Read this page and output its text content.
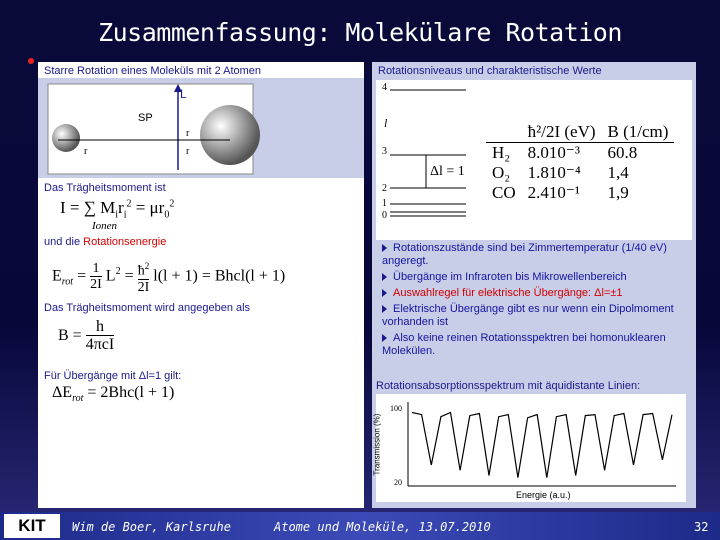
Zusammenfassung: Molekülare Rotation
Starre Rotation eines Moleküls mit 2 Atomen
L
SP
r
r	r
Das Trägheitsmoment ist
I = ∑ $M_ir_i^2 = \mu r_0^2$
Ionen
und die Rotationsenergie
$E_{rot} = 1$
2I $L^2$ = $ħ^2$
2I l(l + 1) = Bhcl(l + 1)
Das Trägheitsmoment wird angegeben als
B = h
4πcI
Für Übergänge mit Δl=1 gilt:
$\Delta E_{rot} = 2Bhc(l + 1)$
Rotationsniveaus und charakteristische Werte
4
l
3
2
1
0
Δl = 1
	ħ²/2I (eV)	B (1/cm)
H₂	8.010⁻³	60.8
O₂	1.810⁻⁴	1,4
CO	2.410⁻¹	1,9
Rotationszustände sind bei Zimmertemperatur (1/40 eV) angeregt.
Übergänge im Infraroten bis Mikrowellenbereich
Auswahlregel für elektrische Übergänge: Δl=±1
Elektrische Übergänge gibt es nur wenn ein Dipolmoment vorhanden ist
Also keine reinen Rotationsspektren bei homonuklearen Molekülen.
Rotationsabsorptionsspektrum mit äquidistante Linien:
100
20
Transmission (%)
Energie (a.u.)
KIT Wim de Boer, Karlsruhe	Atome und Moleküle, 13.07.2010	32
